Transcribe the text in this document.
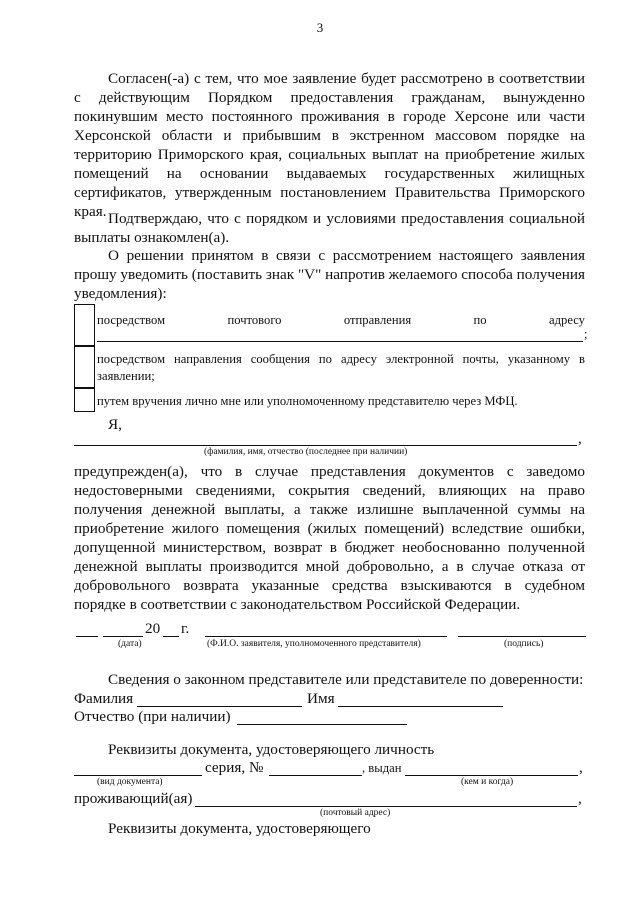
3

Согласен(-а) с тем, что мое заявление будет рассмотрено в соответствии с действующим Порядком предоставления гражданам, вынужденно покинувшим место постоянного проживания в городе Херсоне или части Херсонской области и прибывшим в экстренном массовом порядке на территорию Приморского края, социальных выплат на приобретение жилых помещений на основании выдаваемых государственных жилищных сертификатов, утвержденным постановлением Правительства Приморского края. Подтверждаю, что с порядком и условиями предоставления социальной выплаты ознакомлен(а).

О решении принятом в связи с рассмотрением настоящего заявления прошу уведомить (поставить знак "V" напротив желаемого способа получения уведомления):

посредством	почтового	отправления	по	адресу
;

посредством направления сообщения по адресу электронной почты, указанному в заявлении;

путем вручения лично мне или уполномоченному представителю через МФЦ.

Я,
,
(фамилия, имя, отчество (последнее при наличии)

предупрежден(а), что в случае представления документов с заведомо недостоверными сведениями, сокрытия сведений, влияющих на право получения денежной выплаты, а также излишне выплаченной суммы на приобретение жилого помещения (жилых помещений) вследствие ошибки, допущенной министерством, возврат в бюджет необоснованно полученной денежной выплаты производится мной добровольно, а в случае отказа от добровольного возврата указанные средства взыскиваются в судебном порядке в соответствии с законодательством Российской Федерации.

20 г.
(дата)	(Ф.И.О. заявителя, уполномоченного представителя)	(подпись)
Сведения о законном представителе или представителе по доверенности:
Фамилия	Имя
Отчество (при наличии)
Реквизиты документа, удостоверяющего личность
серия, №	, выдан	,
(вид документа)	(кем и когда)
проживающий(ая)	,
(почтовый адрес)
Реквизиты документа, удостоверяющего
